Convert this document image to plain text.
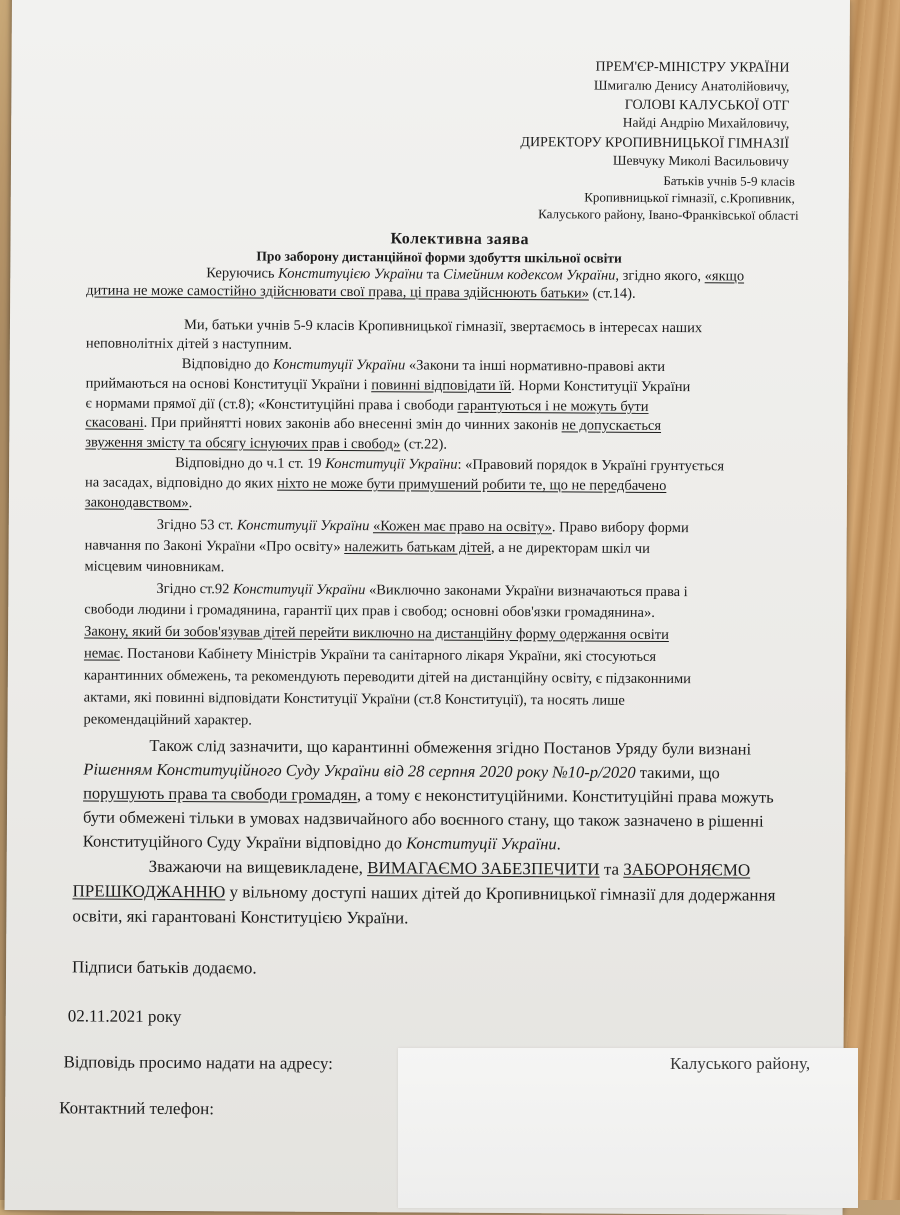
ПРЕМ'ЄР-МІНІСТРУ УКРАЇНИ
Шмигалю Денису Анатолійовичу,
ГОЛОВІ КАЛУСЬКОЇ ОТГ
Найді Андрію Михайловичу,
ДИРЕКТОРУ КРОПИВНИЦЬКОЇ ГІМНАЗІЇ
Шевчуку Миколі Васильовичу
Батьків учнів 5-9 класів
Кропивницької гімназії, с.Кропивник,
Калуського району, Івано-Франківської області
Колективна заява
Про заборону дистанційної форми здобуття шкільної освіти
Керуючись Конституцією України та Сімейним кодексом України, згідно якого, «якщо
дитина не може самостійно здійснювати свої права, ці права здійснюють батьки» (ст.14).
Ми, батьки учнів 5-9 класів Кропивницької гімназії, звертаємось в інтересах наших
неповнолітніх дітей з наступним.
Відповідно до Конституції України «Закони та інші нормативно-правові акти
приймаються на основі Конституції України і повинні відповідати їй. Норми Конституції України
є нормами прямої дії (ст.8); «Конституційні права і свободи гарантуються і не можуть бути
скасовані. При прийнятті нових законів або внесенні змін до чинних законів не допускається
звуження змісту та обсягу існуючих прав і свобод» (ст.22).
Відповідно до ч.1 ст. 19 Конституції України: «Правовий порядок в Україні грунтується
на засадах, відповідно до яких ніхто не може бути примушений робити те, що не передбачено
законодавством».
Згідно 53 ст. Конституції України «Кожен має право на освіту». Право вибору форми
навчання по Законі України «Про освіту» належить батькам дітей, а не директорам шкіл чи
місцевим чиновникам.
Згідно ст.92 Конституції України «Виключно законами України визначаються права і
свободи людини і громадянина, гарантії цих прав і свобод; основні обов'язки громадянина».
Закону, який би зобов'язував дітей перейти виключно на дистанційну форму одержання освіти
немає. Постанови Кабінету Міністрів України та санітарного лікаря України, які стосуються
карантинних обмежень, та рекомендують переводити дітей на дистанційну освіту, є підзаконними
актами, які повинні відповідати Конституції України (ст.8 Конституції), та носять лише
рекомендаційний характер.
Також слід зазначити, що карантинні обмеження згідно Постанов Уряду були визнані
Рішенням Конституційного Суду України від 28 серпня 2020 року №10-р/2020 такими, що
порушують права та свободи громадян, а тому є неконституційними. Конституційні права можуть
бути обмежені тільки в умовах надзвичайного або воєнного стану, що також зазначено в рішенні
Конституційного Суду України відповідно до Конституції України.
Зважаючи на вищевикладене, ВИМАГАЄМО ЗАБЕЗПЕЧИТИ та ЗАБОРОНЯЄМО
ПРЕШКОДЖАННЮ у вільному доступі наших дітей до Кропивницької гімназії для додержання
освіти, які гарантовані Конституцією України.
Підписи батьків додаємо.
02.11.2021 року
Відповідь просимо надати на адресу:
Контактний телефон:
Калуського району,
